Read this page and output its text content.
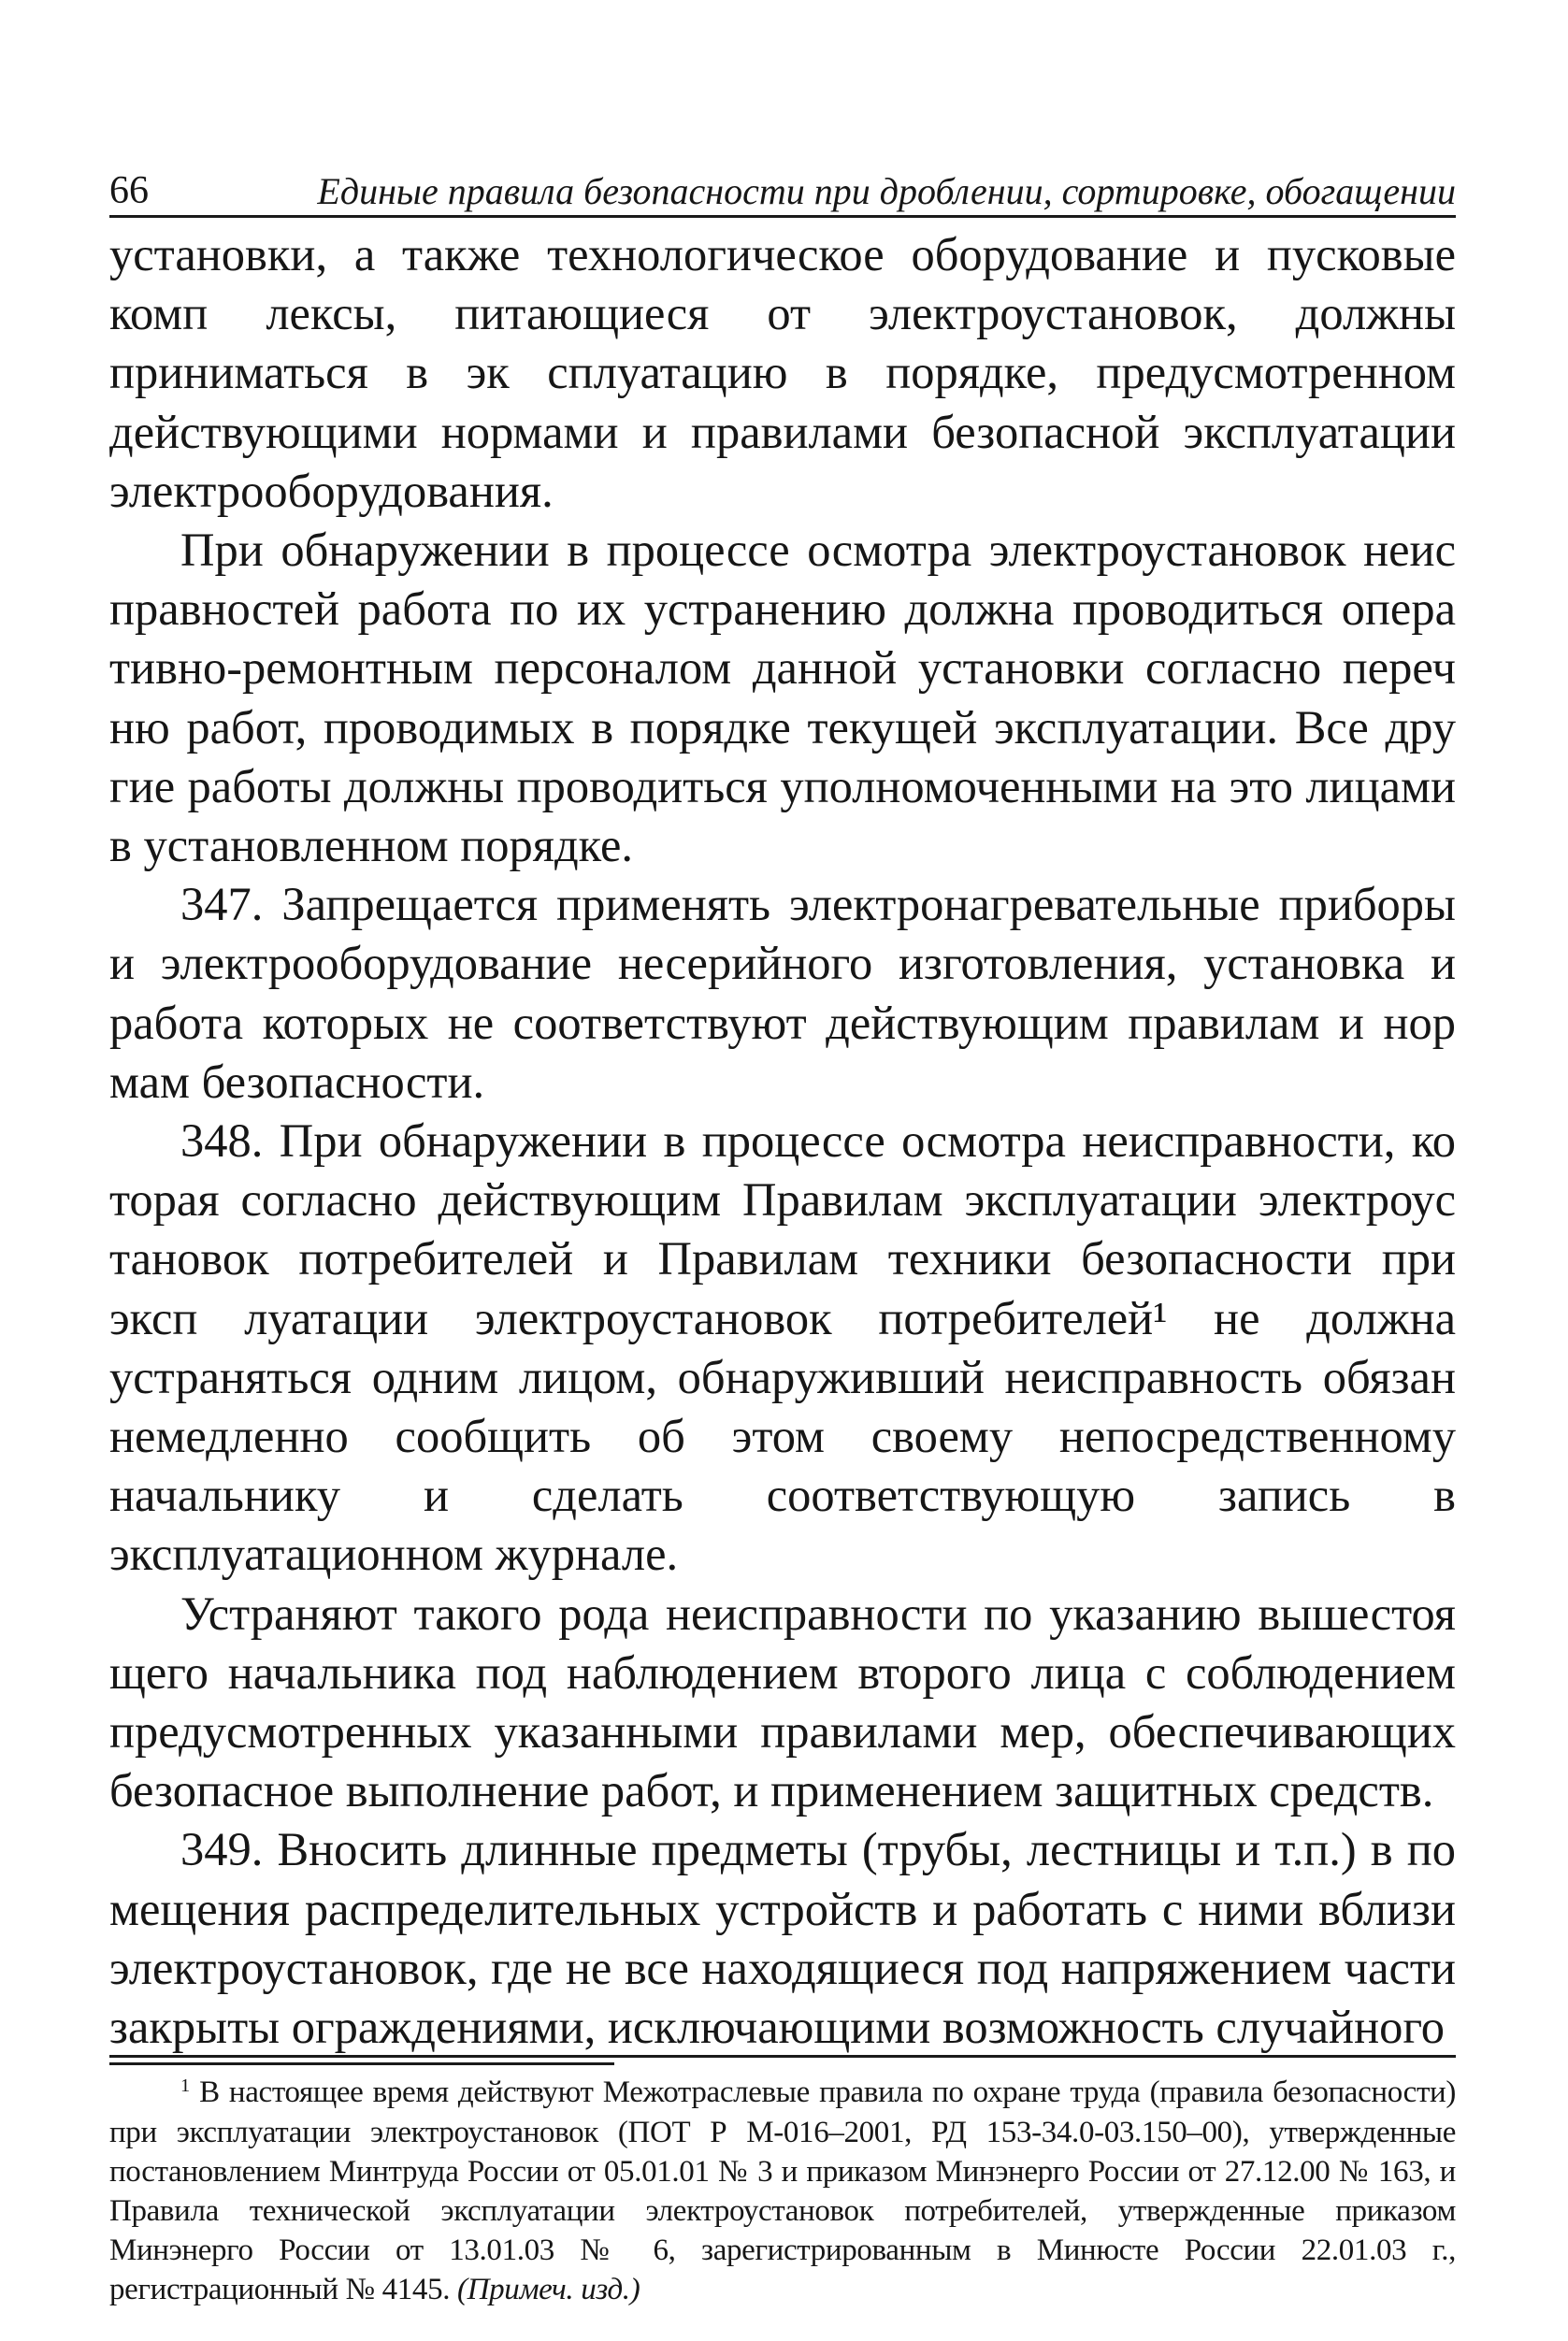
66	Единые правила безопасности при дроблении, сортировке, обогащении

установки, а также технологическое оборудование и пусковые комп лексы, питающиеся от электроустановок, должны приниматься в эк сплуатацию в порядке, предусмотренном действующими нормами и правилами безопасной эксплуатации электрооборудования.

При обнаружении в процессе осмотра электроустановок неис правностей работа по их устранению должна проводиться опера тивно-ремонтным персоналом данной установки согласно переч ню работ, проводимых в порядке текущей эксплуатации. Все дру гие работы должны проводиться уполномоченными на это лицами в установленном порядке.

347. Запрещается применять электронагревательные приборы и электрооборудование несерийного изготовления, установка и работа которых не соответствуют действующим правилам и нор мам безопасности.

348. При обнаружении в процессе осмотра неисправности, ко торая согласно действующим Правилам эксплуатации электроус тановок потребителей и Правилам техники безопасности при эксп луатации электроустановок потребителей¹ не должна устраняться одним лицом, обнаруживший неисправность обязан немедленно сообщить об этом своему непосредственному начальнику и сделать соответствующую запись в эксплуатационном журнале.

Устраняют такого рода неисправности по указанию вышестоя щего начальника под наблюдением второго лица с соблюдением предусмотренных указанными правилами мер, обеспечивающих безопасное выполнение работ, и применением защитных средств.

349. Вносить длинные предметы (трубы, лестницы и т.п.) в по мещения распределительных устройств и работать с ними вблизи электроустановок, где не все находящиеся под напряжением части закрыты ограждениями, исключающими возможность случайного

$^1$ В настоящее время действуют Межотраслевые правила по охране труда (правила безопасности) при эксплуатации электроустановок (ПОТ Р М-016–2001, РД 153-34.0-03.150–00), утвержденные постановлением Минтруда России от 05.01.01 № 3 и приказом Минэнерго России от 27.12.00 № 163, и Правила технической эксплуатации электроустановок потребителей, утвержденные приказом Минэнерго России от 13.01.03 № 6, зарегистрированным в Минюсте России 22.01.03 г., регистрационный № 4145. (Примеч. изд.)
